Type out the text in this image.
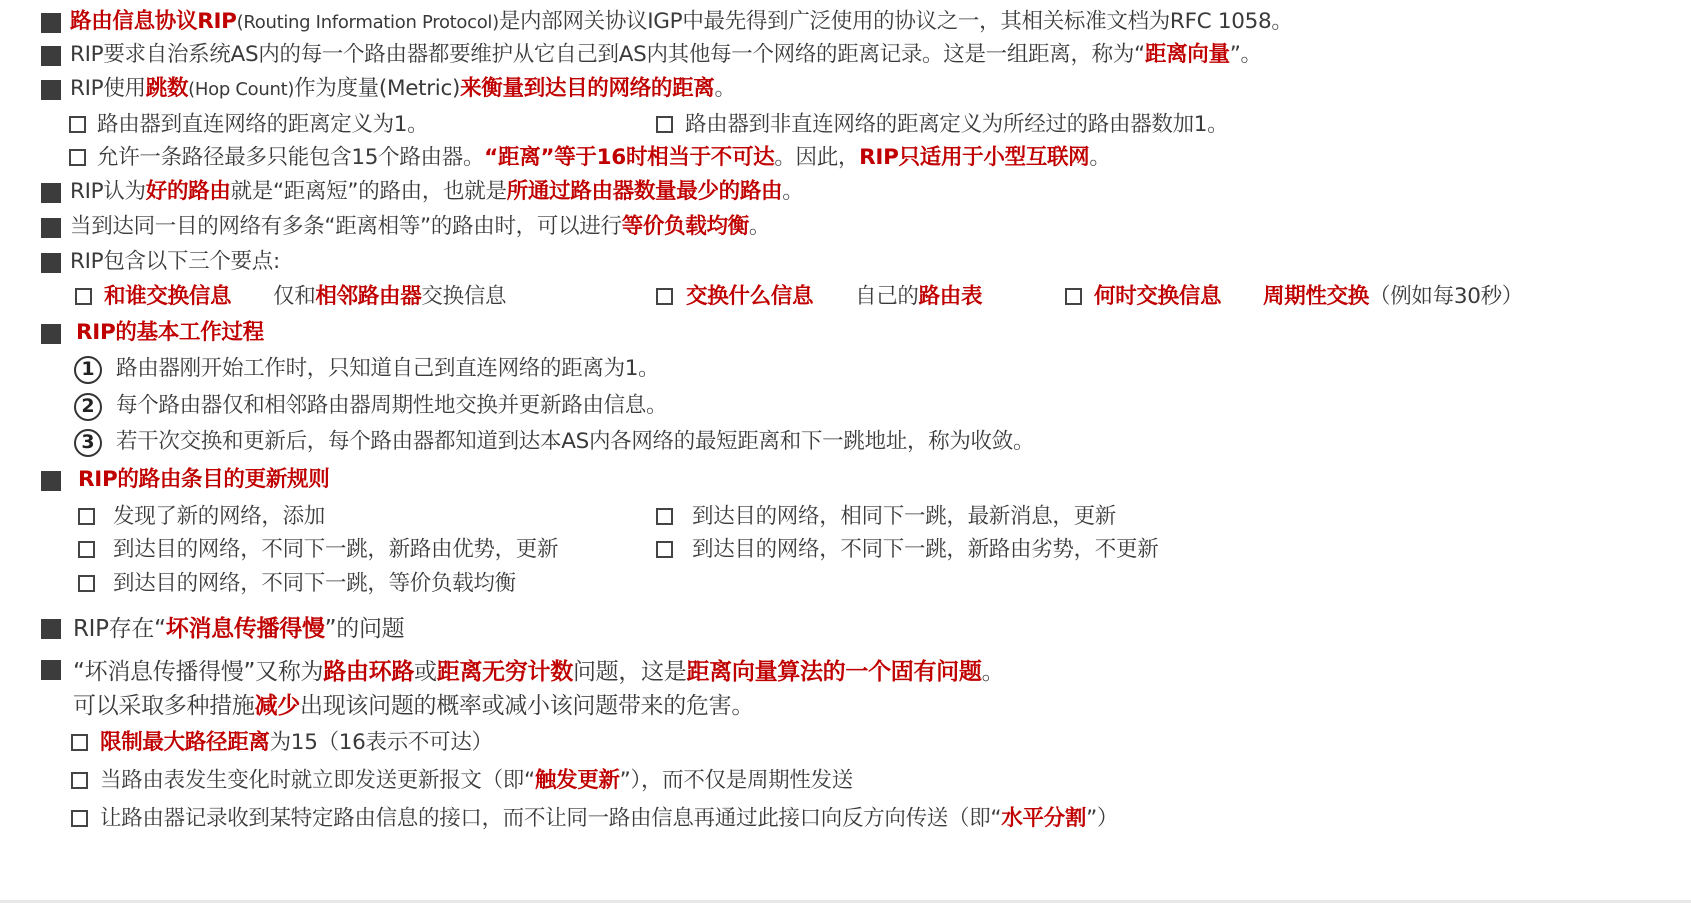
路由信息协议RIP(Routing Information Protocol)是内部网关协议IGP中最先得到广泛使用的协议之一，其相关标准文档为RFC 1058。
RIP要求自治系统AS内的每一个路由器都要维护从它自己到AS内其他每一个网络的距离记录。这是一组距离，称为“距离向量”。
RIP使用跳数(Hop Count)作为度量(Metric)来衡量到达目的网络的距离。
路由器到直连网络的距离定义为1。	路由器到非直连网络的距离定义为所经过的路由器数加1。
允许一条路径最多只能包含15个路由器。“距离”等于16时相当于不可达。因此，RIP只适用于小型互联网。
RIP认为好的路由就是“距离短”的路由，也就是所通过路由器数量最少的路由。
当到达同一目的网络有多条“距离相等”的路由时，可以进行等价负载均衡。
RIP包含以下三个要点:
和谁交换信息 仅和相邻路由器交换信息	交换什么信息 自己的路由表	何时交换信息 周期性交换（例如每30秒）
RIP的基本工作过程
1 路由器刚开始工作时，只知道自己到直连网络的距离为1。
2 每个路由器仅和相邻路由器周期性地交换并更新路由信息。
3 若干次交换和更新后，每个路由器都知道到达本AS内各网络的最短距离和下一跳地址，称为收敛。
RIP的路由条目的更新规则
发现了新的网络，添加	到达目的网络，相同下一跳，最新消息，更新
到达目的网络，不同下一跳，新路由优势，更新	到达目的网络，不同下一跳，新路由劣势，不更新
到达目的网络，不同下一跳，等价负载均衡
RIP存在“坏消息传播得慢”的问题
“坏消息传播得慢”又称为路由环路或距离无穷计数问题，这是距离向量算法的一个固有问题。
可以采取多种措施减少出现该问题的概率或减小该问题带来的危害。
限制最大路径距离为15（16表示不可达）
当路由表发生变化时就立即发送更新报文（即“触发更新”），而不仅是周期性发送
让路由器记录收到某特定路由信息的接口，而不让同一路由信息再通过此接口向反方向传送（即“水平分割”）
